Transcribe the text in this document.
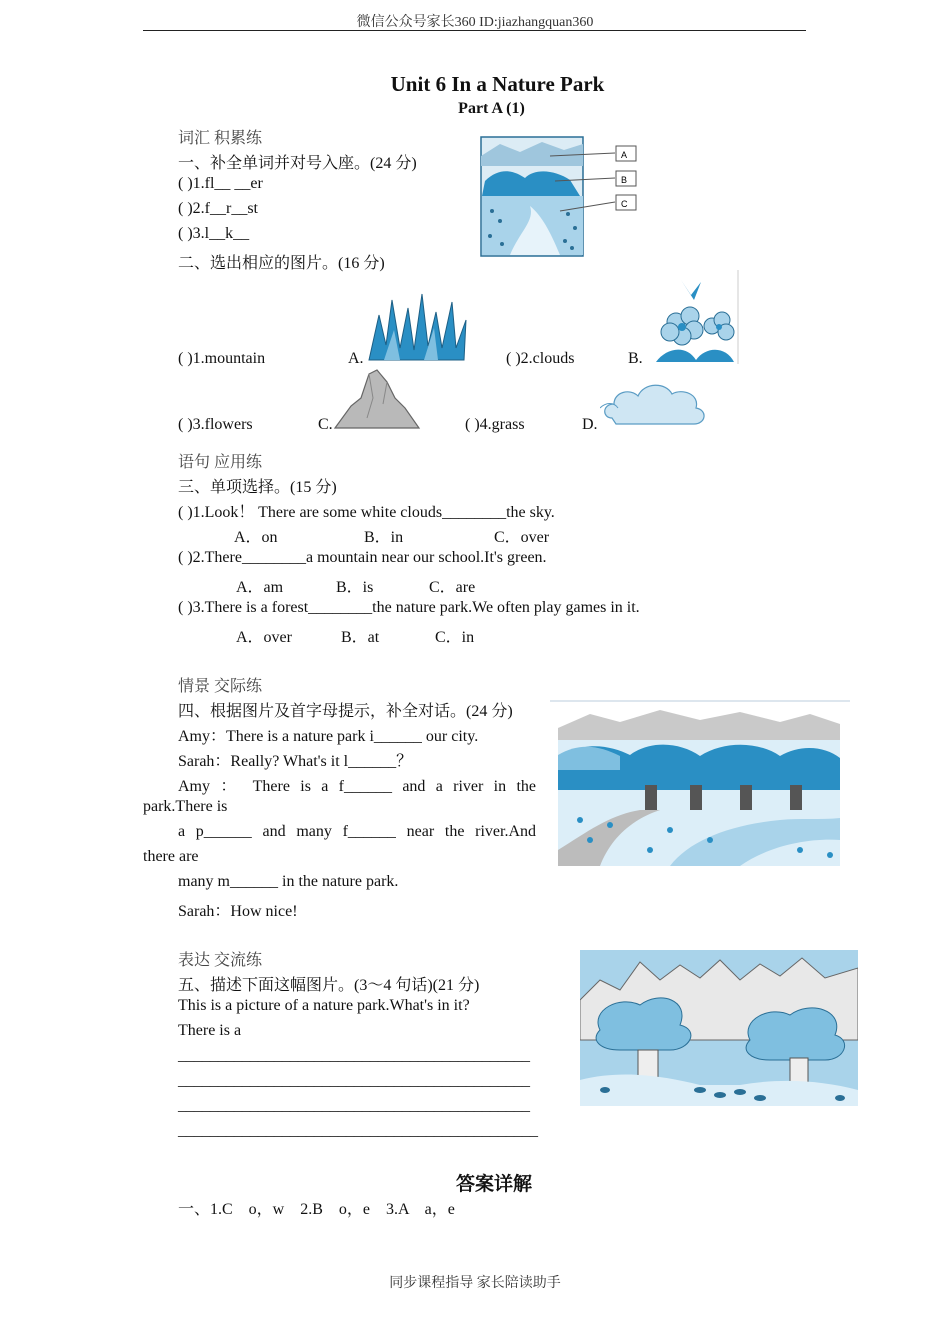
微信公众号家长360 ID:jiazhangquan360
Unit 6 In a Nature Park
Part A (1)
词汇 积累练
一、补全单词并对号入座。(24 分)
( )1.fl__ __er
( )2.f__r__st
( )3.l__k__
A
B
C
二、选出相应的图片。(16 分)
( )1.mountain	A.	( )2.clouds	B.
( )3.flowers	C.	( )4.grass	D.
语句 应用练
三、单项选择。(15 分)
( )1.Look！ There are some white clouds________the sky.
A．on	B．in	C．over
( )2.There________a mountain near our school.It's green.
A．am	B．is	C．are
( )3.There is a forest________the nature park.We often play games in it.
A．over	B．at	C．in
情景 交际练
四、根据图片及首字母提示，补全对话。(24 分)
Amy：There is a nature park i______ our city.
Sarah：Really? What's it l______？
Amy ： There is a f______ and a river in the
park.There is
a p______ and many f______ near the river.And
there are
many m______ in the nature park.
Sarah：How nice!
表达 交流练
五、描述下面这幅图片。(3～4 句话)(21 分)
This is a picture of a nature park.What's in it?
There is a
____________________________________________
____________________________________________
____________________________________________
_____________________________________________
答案详解
一、1.C　o，w　2.B　o，e　3.A　a，e
同步课程指导 家长陪读助手
